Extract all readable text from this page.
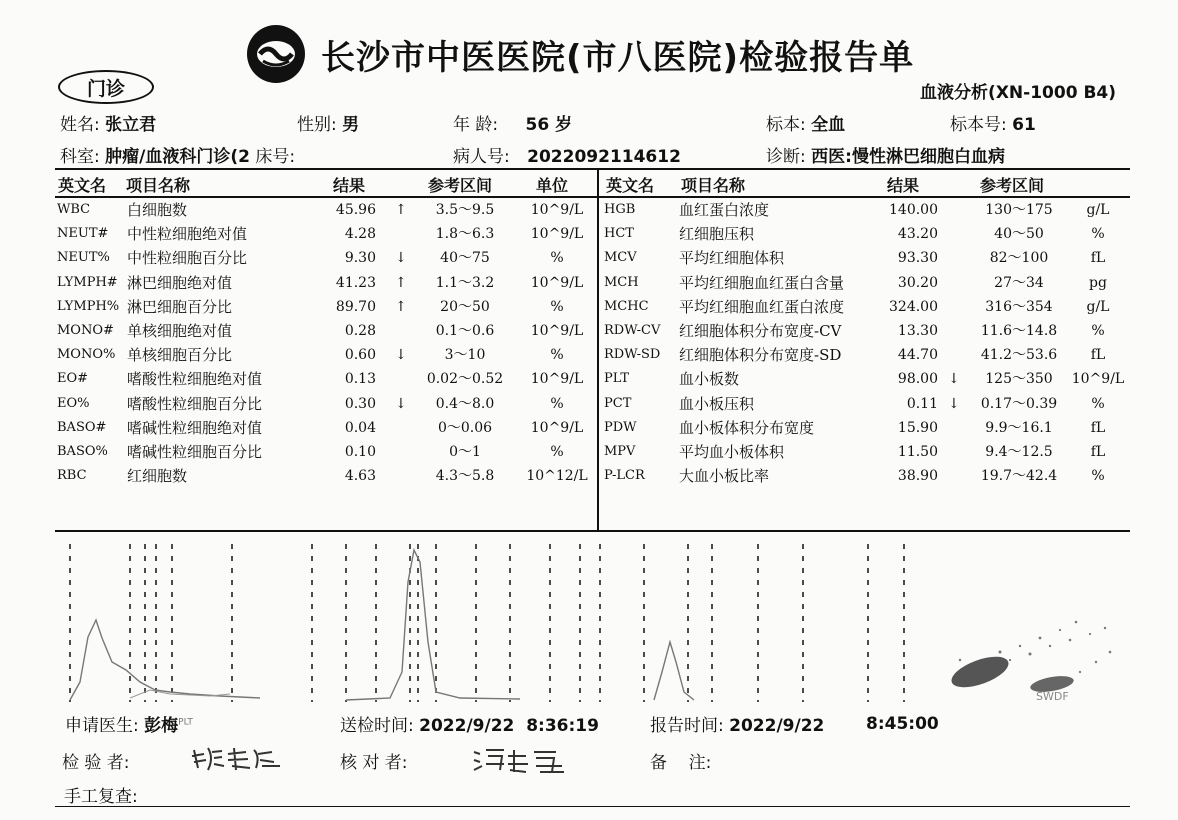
长沙市中医医院(市八医院)检验报告单
门诊	血液分析(XN-1000 B4)
姓名: 张立君	性别: 男	年 龄: 56 岁	标本: 全血	标本号: 61
科室: 肿瘤/血液科门诊(2 床号:	病人号: 2022092114612	诊断: 西医:慢性淋巴细胞白血病
英文名 项目名称	结果	参考区间	单位 英文名 项目名称	结果	参考区间
WBC 白细胞数	45.96 ↑	3.5～9.5	10^9/L
NEUT# 中性粒细胞绝对值	4.28	1.8～6.3	10^9/L
NEUT% 中性粒细胞百分比	9.30 ↓	40～75	%
LYMPH# 淋巴细胞绝对值	41.23 ↑	1.1～3.2	10^9/L
LYMPH% 淋巴细胞百分比	89.70 ↑	20～50	%
MONO# 单核细胞绝对值	0.28	0.1～0.6	10^9/L
MONO% 单核细胞百分比	0.60 ↓	3～10	%
EO#	嗜酸性粒细胞绝对值	0.13	0.02～0.52	10^9/L
EO%	嗜酸性粒细胞百分比	0.30 ↓	0.4～8.0	%
BASO# 嗜碱性粒细胞绝对值	0.04	0～0.06	10^9/L
BASO% 嗜碱性粒细胞百分比	0.10	0～1	%
RBC	红细胞数	4.63	4.3～5.8	10^12/L
HGB	血红蛋白浓度	140.00	130～175	g/L
HCT	红细胞压积	43.20	40～50	%
MCV	平均红细胞体积	93.30	82～100	fL
MCH	平均红细胞血红蛋白含量	30.20	27～34	pg
MCHC 平均红细胞血红蛋白浓度	324.00	316～354	g/L
RDW-CV 红细胞体积分布宽度-CV	13.30	11.6～14.8	%
RDW-SD 红细胞体积分布宽度-SD	44.70	41.2～53.6	fL
PLT	血小板数	98.00 ↓	125～350	10^9/L
PCT	血小板压积	0.11 ↓	0.17～0.39	%
PDW	血小板体积分布宽度	15.90	9.9～16.1	fL
MPV	平均血小板体积	11.50	9.4～12.5	fL
P-LCR 大血小板比率	38.90	19.7～42.4	%
SWDF
申请医生: 彭梅$^{PLT}$	送检时间: 2022/9/22  8:36:19	报告时间: 2022/9/22 8:45:00
检 验 者:	核 对 者:	备    注:
手工复查:
